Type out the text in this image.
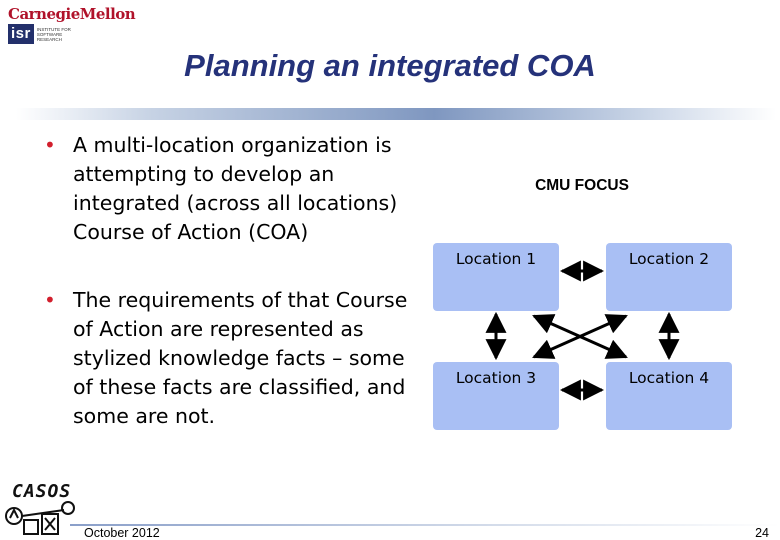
CarnegieMellon
isr	INSTITUTE FOR
SOFTWARE
RESEARCH
Planning an integrated COA
• A multi-location organization is attempting to develop an integrated (across all locations) Course of Action (COA)
• The requirements of that Course of Action are represented as stylized knowledge facts – some of these facts are classified, and some are not.
CMU FOCUS
Location 1	Location 2
Location 3	Location 4
CASOS
October 2012	24
